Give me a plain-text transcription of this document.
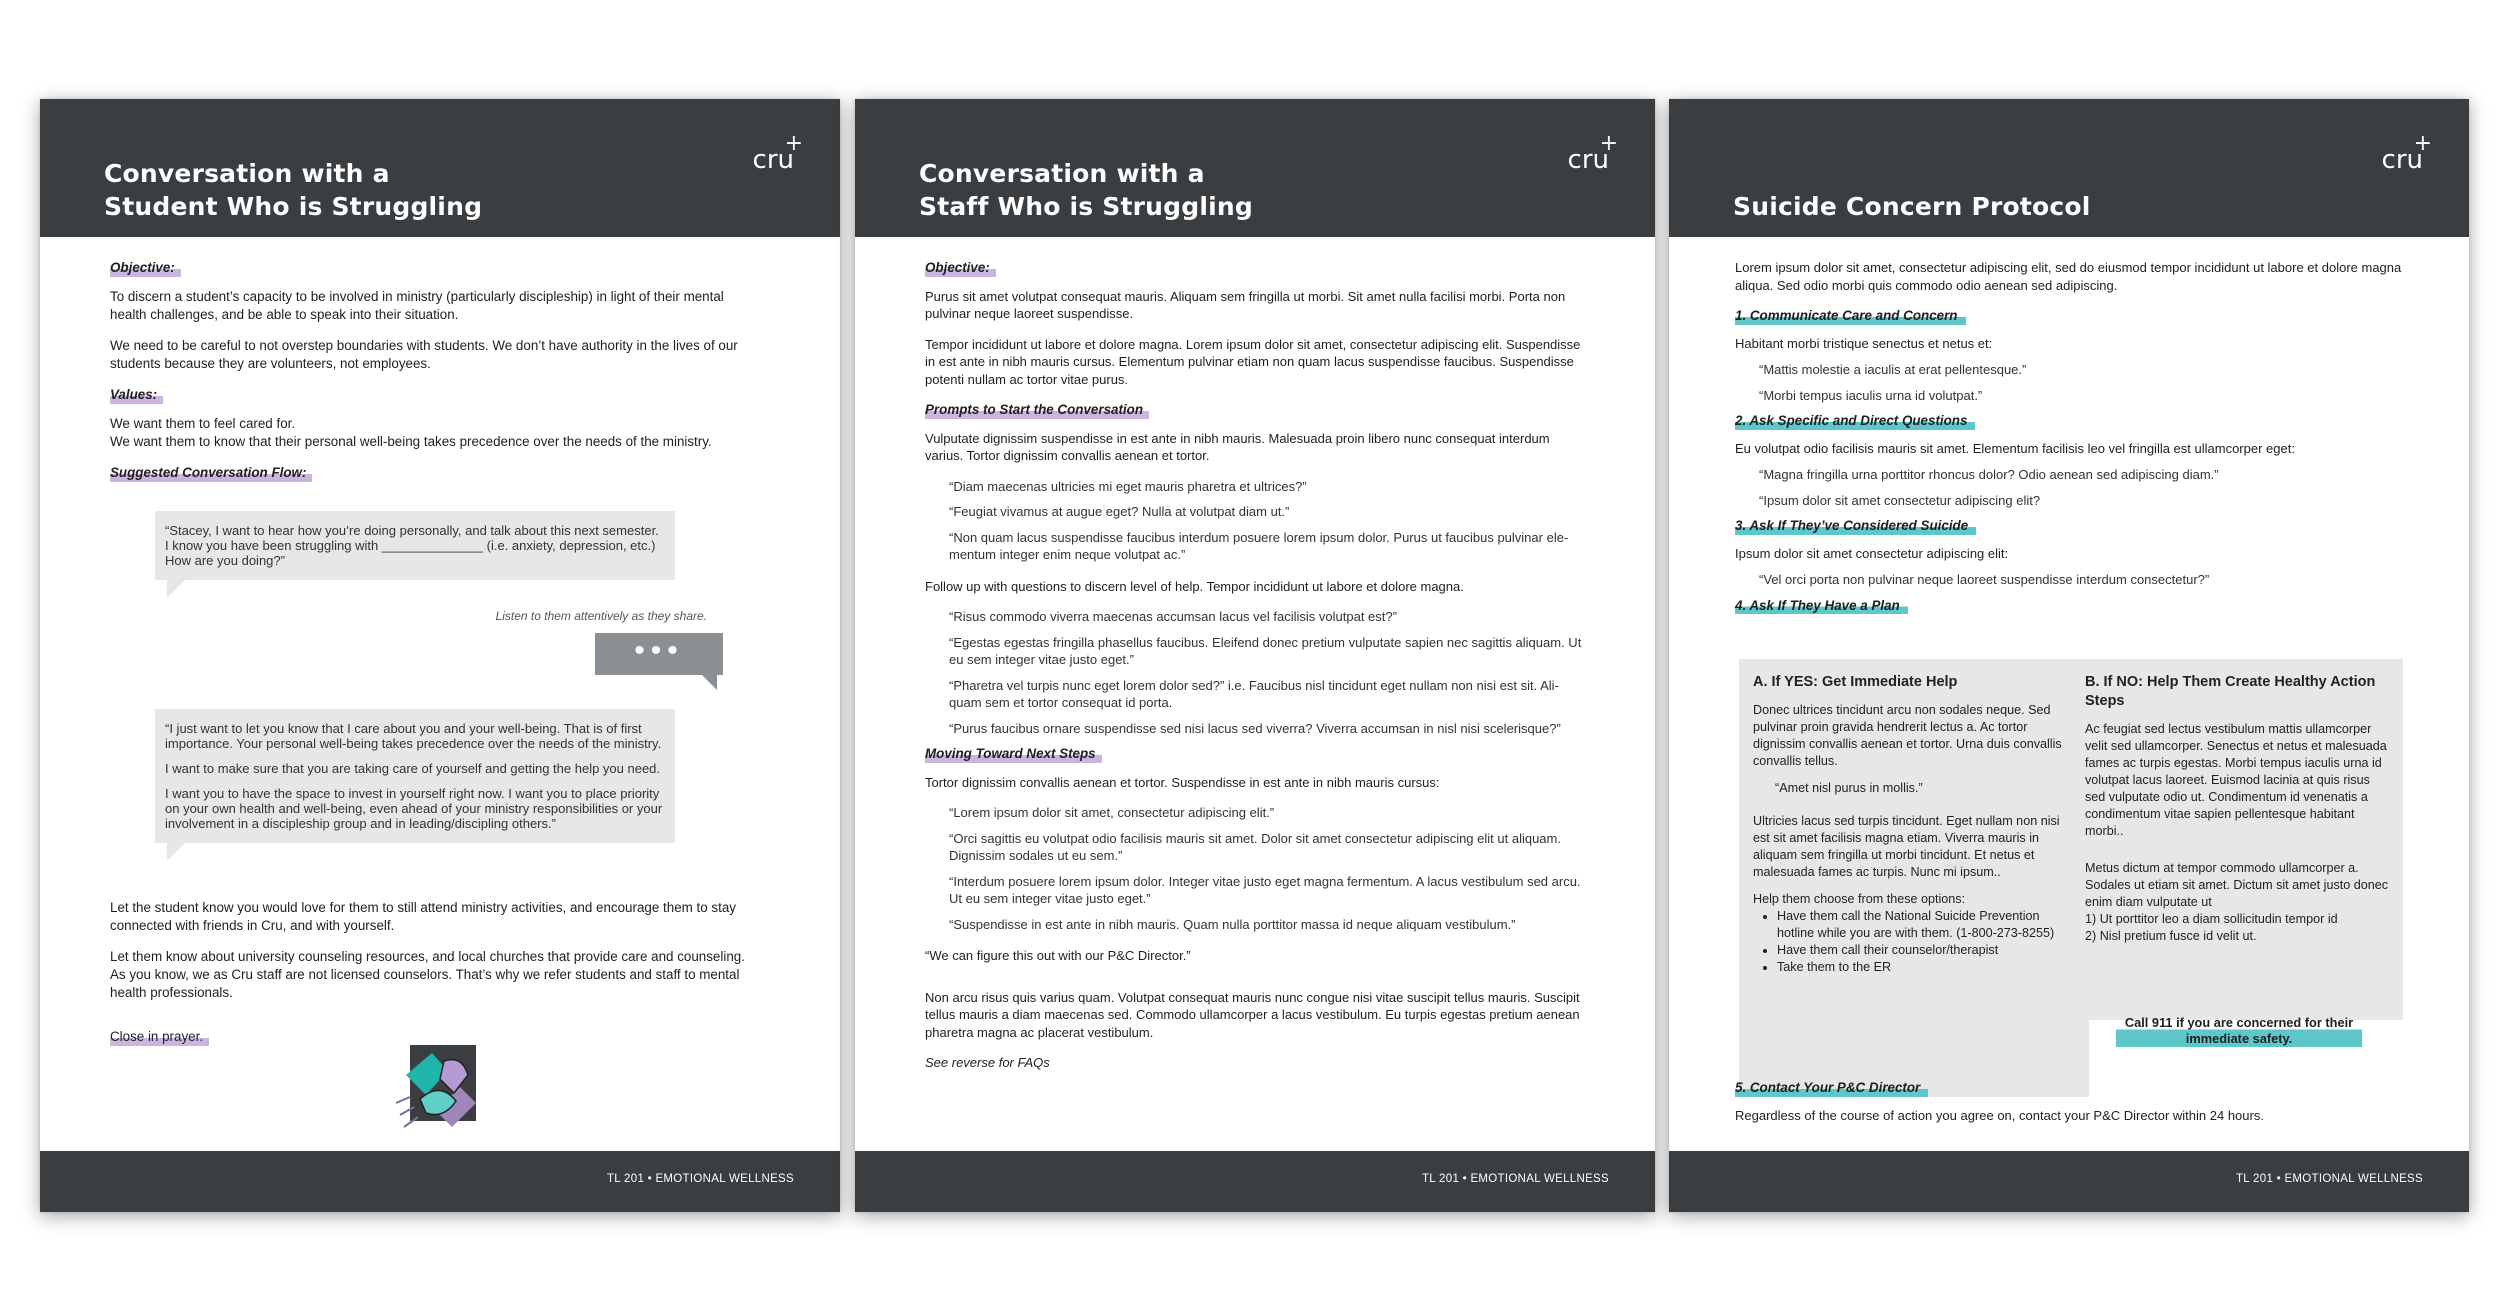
Conversation with a
Student Who is Struggling
cru
+
Objective:

To discern a student’s capacity to be involved in ministry (particularly discipleship) in light of their mental health challenges, and be able to speak into their situation.

We need to be careful to not overstep boundaries with students. We don’t have authority in the lives of our students because they are volunteers, not employees.

Values:
We want them to feel cared for.

We want them to know that their personal well-being takes precedence over the needs of the ministry.

Suggested Conversation Flow:
“Stacey, I want to hear how you’re doing personally, and talk about this next semester. I know you have been struggling with ______________ (i.e. anxiety, depression, etc.) How are you doing?”
Listen to them attentively as they share.
•••

“I just want to let you know that I care about you and your well-being. That is of first importance. Your personal well-being takes precedence over the needs of the ministry.

I want to make sure that you are taking care of yourself and getting the help you need.

I want you to have the space to invest in yourself right now. I want you to place priority on your own health and well-being, even ahead of your ministry responsibilities or your involvement in a discipleship group and in leading/discipling others.”

Let the student know you would love for them to still attend ministry activities, and encourage them to stay connected with friends in Cru, and with yourself.

Let them know about university counseling resources, and local churches that provide care and counseling. As you know, we as Cru staff are not licensed counselors. That’s why we refer students and staff to mental health professionals.

Close in prayer.
TL 201 • EMOTIONAL WELLNESS
Conversation with a
Staff Who is Struggling
cru
+
Objective:

Purus sit amet volutpat consequat mauris. Aliquam sem fringilla ut morbi. Sit amet nulla facilisi morbi. Porta non pulvinar neque laoreet suspendisse.

Tempor incididunt ut labore et dolore magna. Lorem ipsum dolor sit amet, consectetur adipiscing elit. Suspendisse in est ante in nibh mauris cursus. Elementum pulvinar etiam non quam lacus suspendisse faucibus. Suspendisse potenti nullam ac tortor vitae purus.

Prompts to Start the Conversation

Vulputate dignissim suspendisse in est ante in nibh mauris. Malesuada proin libero nunc consequat interdum varius. Tortor dignissim convallis aenean et tortor.

“Diam maecenas ultricies mi eget mauris pharetra et ultrices?”
“Feugiat vivamus at augue eget? Nulla at volutpat diam ut.”
“Non quam lacus suspendisse faucibus interdum posuere lorem ipsum dolor. Purus ut faucibus pulvinar elementum integer enim neque volutpat ac.”

Follow up with questions to discern level of help. Tempor incididunt ut labore et dolore magna.

“Risus commodo viverra maecenas accumsan lacus vel facilisis volutpat est?”
“Egestas egestas fringilla phasellus faucibus. Eleifend donec pretium vulputate sapien nec sagittis aliquam. Ut eu sem integer vitae justo eget.”
“Pharetra vel turpis nunc eget lorem dolor sed?” i.e. Faucibus nisl tincidunt eget nullam non nisi est sit. Aliquam sem et tortor consequat id porta.
“Purus faucibus ornare suspendisse sed nisi lacus sed viverra? Viverra accumsan in nisl nisi scelerisque?”
Moving Toward Next Steps

Tortor dignissim convallis aenean et tortor. Suspendisse in est ante in nibh mauris cursus:

“Lorem ipsum dolor sit amet, consectetur adipiscing elit.”
“Orci sagittis eu volutpat odio facilisis mauris sit amet. Dolor sit amet consectetur adipiscing elit ut aliquam. Dignissim sodales ut eu sem.”
“Interdum posuere lorem ipsum dolor. Integer vitae justo eget magna fermentum. A lacus vestibulum sed arcu. Ut eu sem integer vitae justo eget.”
“Suspendisse in est ante in nibh mauris. Quam nulla porttitor massa id neque aliquam vestibulum.”

“We can figure this out with our P&C Director.”

Non arcu risus quis varius quam. Volutpat consequat mauris nunc congue nisi vitae suscipit tellus mauris. Suscipit tellus mauris a diam maecenas sed. Commodo ullamcorper a lacus vestibulum. Eu turpis egestas pretium aenean pharetra magna ac placerat vestibulum.

See reverse for FAQs
TL 201 • EMOTIONAL WELLNESS
Suicide Concern Protocol
cru
+

Lorem ipsum dolor sit amet, consectetur adipiscing elit, sed do eiusmod tempor incididunt ut labore et dolore magna aliqua. Sed odio morbi quis commodo odio aenean sed adipiscing.

1. Communicate Care and Concern

Habitant morbi tristique senectus et netus et:

“Mattis molestie a iaculis at erat pellentesque.”
“Morbi tempus iaculis urna id volutpat.”
2. Ask Specific and Direct Questions

Eu volutpat odio facilisis mauris sit amet. Elementum facilisis leo vel fringilla est ullamcorper eget:

“Magna fringilla urna porttitor rhoncus dolor? Odio aenean sed adipiscing diam.”
“Ipsum dolor sit amet consectetur adipiscing elit?
3. Ask If They’ve Considered Suicide

Ipsum dolor sit amet consectetur adipiscing elit:

“Vel orci porta non pulvinar neque laoreet suspendisse interdum consectetur?”
4. Ask If They Have a Plan
A. If YES: Get Immediate Help

Donec ultrices tincidunt arcu non sodales neque. Sed pulvinar proin gravida hendrerit lectus a. Ac tortor dignissim convallis aenean et tortor. Urna duis convallis convallis tellus.

“Amet nisl purus in mollis.”

Ultricies lacus sed turpis tincidunt. Eget nullam non nisi est sit amet facilisis magna etiam. Viverra mauris in aliquam sem fringilla ut morbi tincidunt. Et netus et malesuada fames ac turpis. Nunc mi ipsum..

Help them choose from these options:
• Have them call the National Suicide Prevention hotline while you are with them. (1-800-273-8255)
• Have them call their counselor/therapist
• Take them to the ER
B. If NO: Help Them Create Healthy Action Steps

Ac feugiat sed lectus vestibulum mattis ullamcorper velit sed ullamcorper. Senectus et netus et malesuada fames ac turpis egestas. Morbi tempus iaculis urna id volutpat lacus laoreet. Euismod lacinia at quis risus sed vulputate odio ut. Condimentum id venenatis a condimentum vitae sapien pellentesque habitant morbi..

Metus dictum at tempor commodo ullamcorper a. Sodales ut etiam sit amet. Dictum sit amet justo donec enim diam vulputate ut
1) Ut porttitor leo a diam sollicitudin tempor id
2) Nisl pretium fusce id velit ut.
Call 911 if you are concerned for their immediate safety.
5. Contact Your P&C Director
Regardless of the course of action you agree on, contact your P&C Director within 24 hours.
TL 201 • EMOTIONAL WELLNESS
